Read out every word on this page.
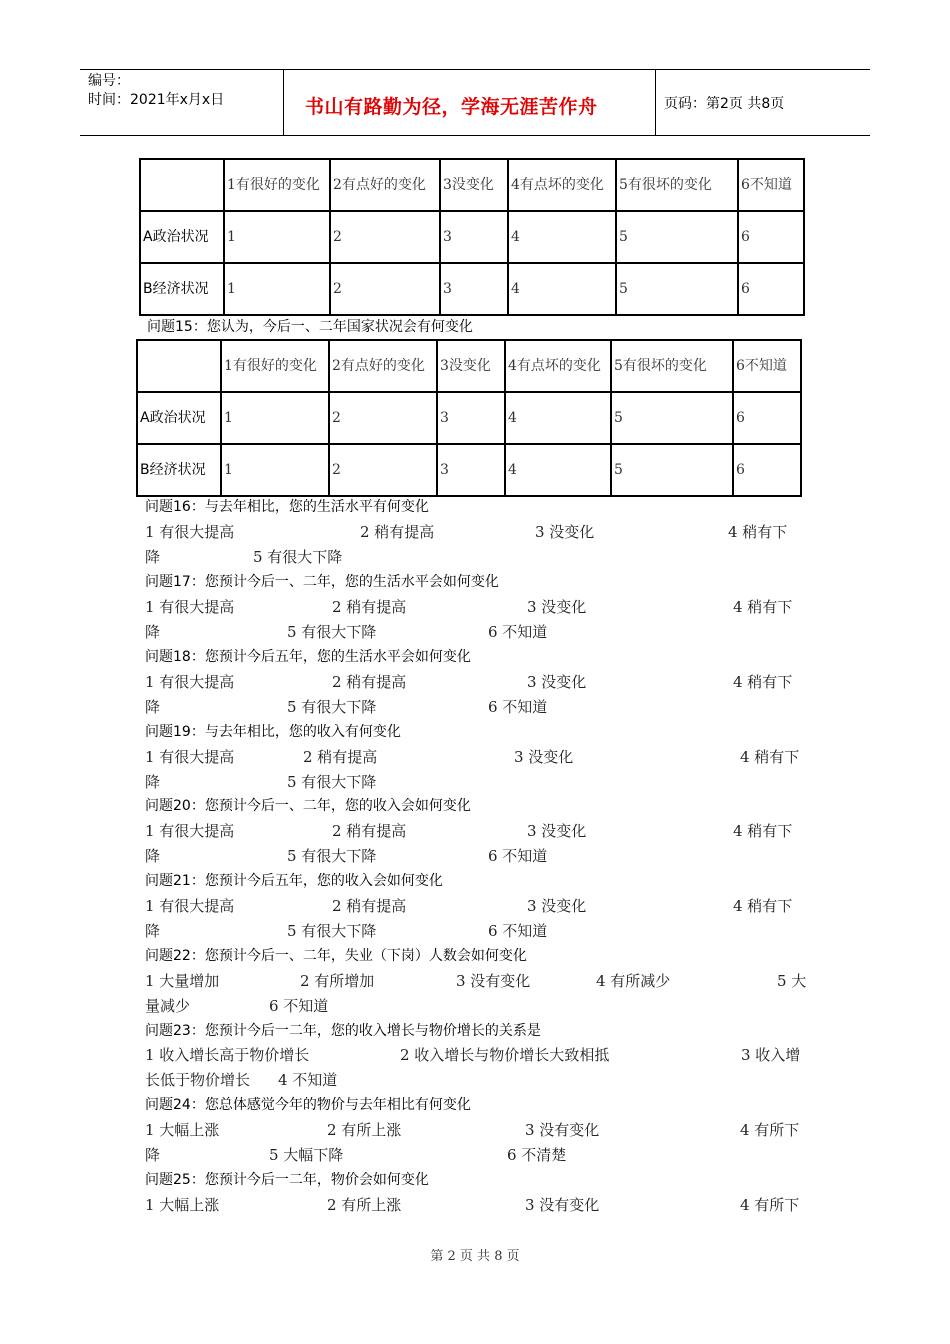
编号：
时间：2021年x月x日	书山有路勤为径，学海无涯苦作舟	页码：第2页 共8页
	1有很好的变化	2有点好的变化	3没变化	4有点坏的变化	5有很坏的变化	6不知道
A政治状况	1	2	3	4	5	6
B经济状况	1	2	3	4	5	6
问题15：您认为，今后一、二年国家状况会有何变化
	1有很好的变化	2有点好的变化	3没变化	4有点坏的变化	5有很坏的变化	6不知道
A政治状况	1	2	3	4	5	6
B经济状况	1	2	3	4	5	6
问题16：与去年相比，您的生活水平有何变化
1 有很大提高	2 稍有提高	3 没变化	4 稍有下
降	5 有很大下降
问题17：您预计今后一、二年，您的生活水平会如何变化
1 有很大提高	2 稍有提高	3 没变化	4 稍有下
降	5 有很大下降	6 不知道
问题18：您预计今后五年，您的生活水平会如何变化
1 有很大提高	2 稍有提高	3 没变化	4 稍有下
降	5 有很大下降	6 不知道
问题19：与去年相比，您的收入有何变化
1 有很大提高	2 稍有提高	3 没变化	4 稍有下
降	5 有很大下降
问题20：您预计今后一、二年，您的收入会如何变化
1 有很大提高	2 稍有提高	3 没变化	4 稍有下
降	5 有很大下降	6 不知道
问题21：您预计今后五年，您的收入会如何变化
1 有很大提高	2 稍有提高	3 没变化	4 稍有下
降	5 有很大下降	6 不知道
问题22：您预计今后一、二年，失业（下岗）人数会如何变化
1 大量增加	2 有所增加	3 没有变化	4 有所减少	5 大
量减少	6 不知道
问题23：您预计今后一二年，您的收入增长与物价增长的关系是
1 收入增长高于物价增长	2 收入增长与物价增长大致相抵	3 收入增
长低于物价增长 4 不知道
问题24：您总体感觉今年的物价与去年相比有何变化
1 大幅上涨	2 有所上涨	3 没有变化	4 有所下
降	5 大幅下降	6 不清楚
问题25：您预计今后一二年，物价会如何变化
1 大幅上涨	2 有所上涨	3 没有变化	4 有所下
第 2 页 共 8 页
